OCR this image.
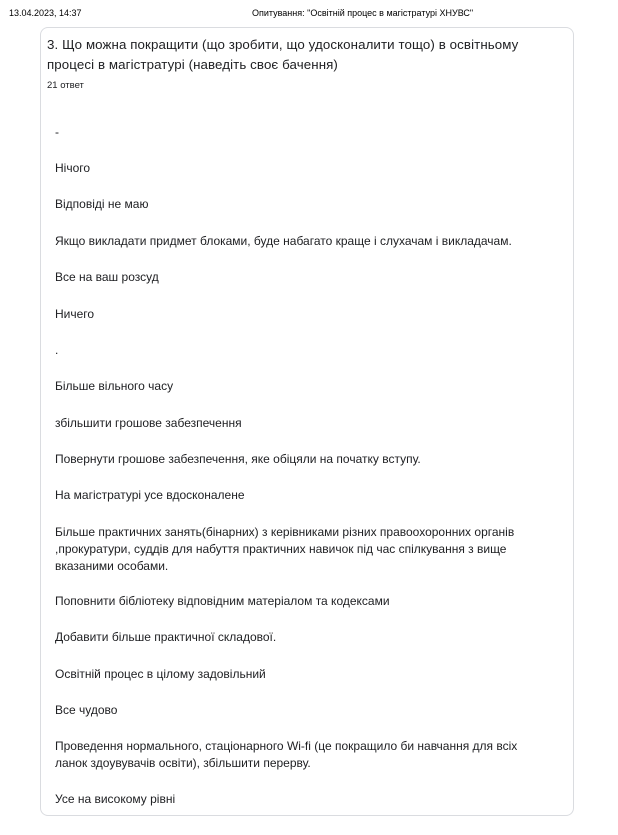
13.04.2023, 14:37	Опитування: "Освітній процес в магістратурі ХНУВС"
3. Що можна покращити (що зробити, що удосконалити тощо) в освітньому процесі в магістратурі (наведіть своє бачення)
21 ответ
-
Нічого
Відповіді не маю
Якщо викладати придмет блоками, буде набагато краще і слухачам і викладачам.
Все на ваш розсуд
Ничего
.
Більше вільного часу
збільшити грошове забезпечення
Повернути грошове забезпечення, яке обіцяли на початку вступу.
На магістратурі усе вдосконалене
Більше практичних занять(бінарних) з керівниками різних правоохоронних органів ,прокуратури, суддів для набуття практичних навичок під час спілкування з вище вказаними особами.
Поповнити бібліотеку відповідним матеріалом та кодексами
Добавити більше практичної складової.
Освітній процес в цілому задовільний
Все чудово
Проведення нормального, стаціонарного Wi-fi (це покращило би навчання для всіх ланок здоувувачів освіти), збільшити перерву.
Усе на високому рівні
